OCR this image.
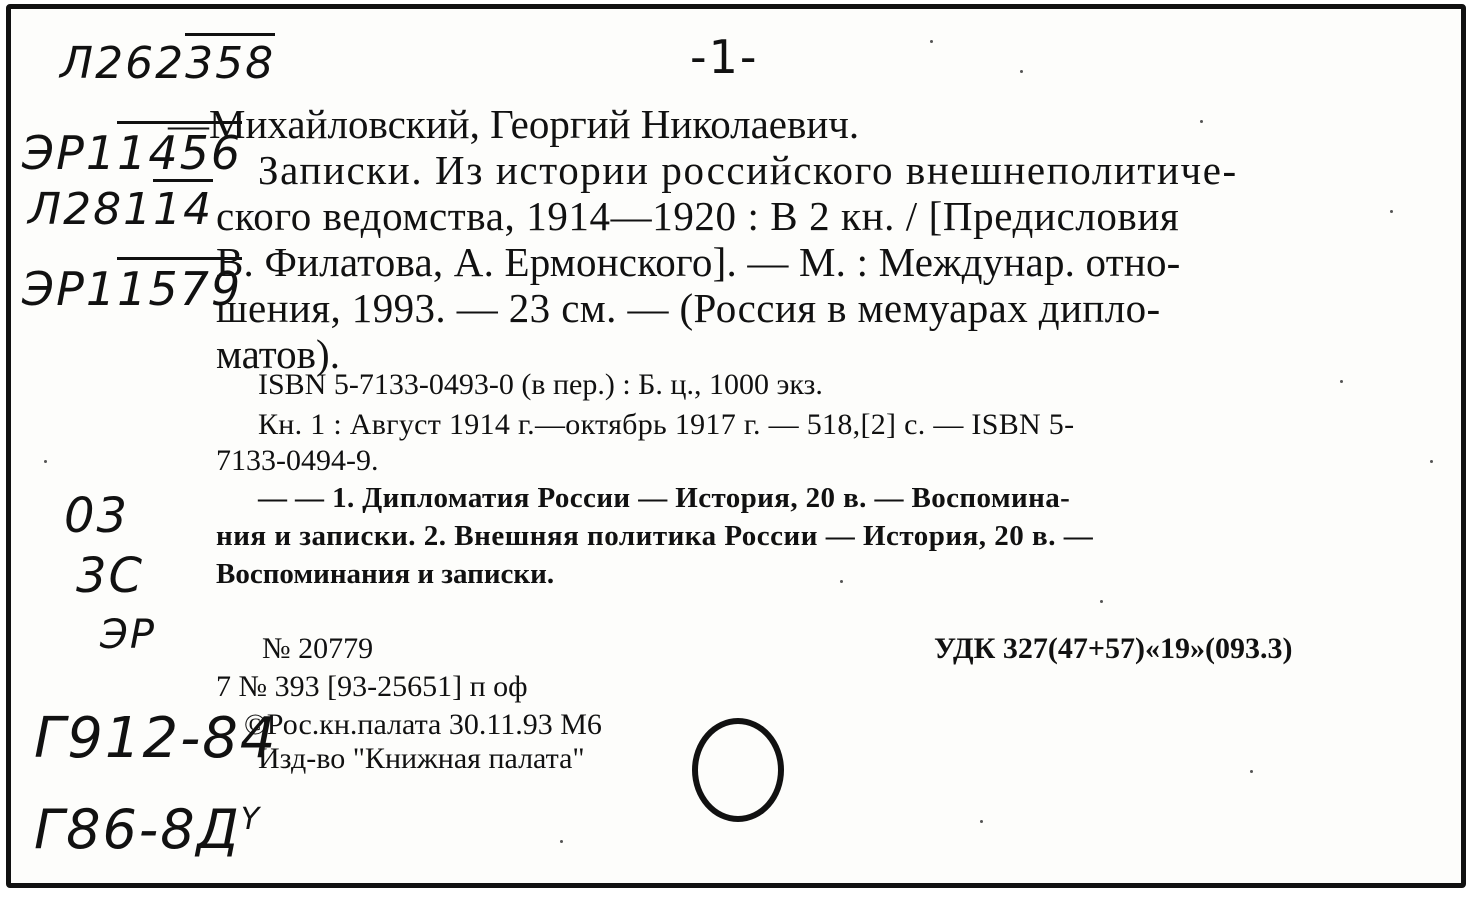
Л262358	-1-
ЭР11456
Л28114
ЭР11579
03
3С
ЭР
Г912-84
$Г86-8Д^Y$
—Михайловский, Георгий Николаевич.
Записки. Из истории российского внешнеполитиче-
ского ведомства, 1914—1920 : В 2 кн. / [Предисловия
В. Филатова, А. Ермонского]. — М. : Междунар. отно-
шения, 1993. — 23 см. — (Россия в мемуарах дипло-
матов).
ISBN 5-7133-0493-0 (в пер.) : Б. ц., 1000 экз.
Кн. 1 : Август 1914 г.—октябрь 1917 г. — 518,[2] с. — ISBN 5-
7133-0494-9.
— — 1. Дипломатия России — История, 20 в. — Воспомина-
ния и записки. 2. Внешняя политика России — История, 20 в. —
Воспоминания и записки.
№ 20779	УДК 327(47+57)«19»(093.3)
7 № 393 [93-25651] п оф
©Рос.кн.палата 30.11.93 М6
Изд-во "Книжная палата"
